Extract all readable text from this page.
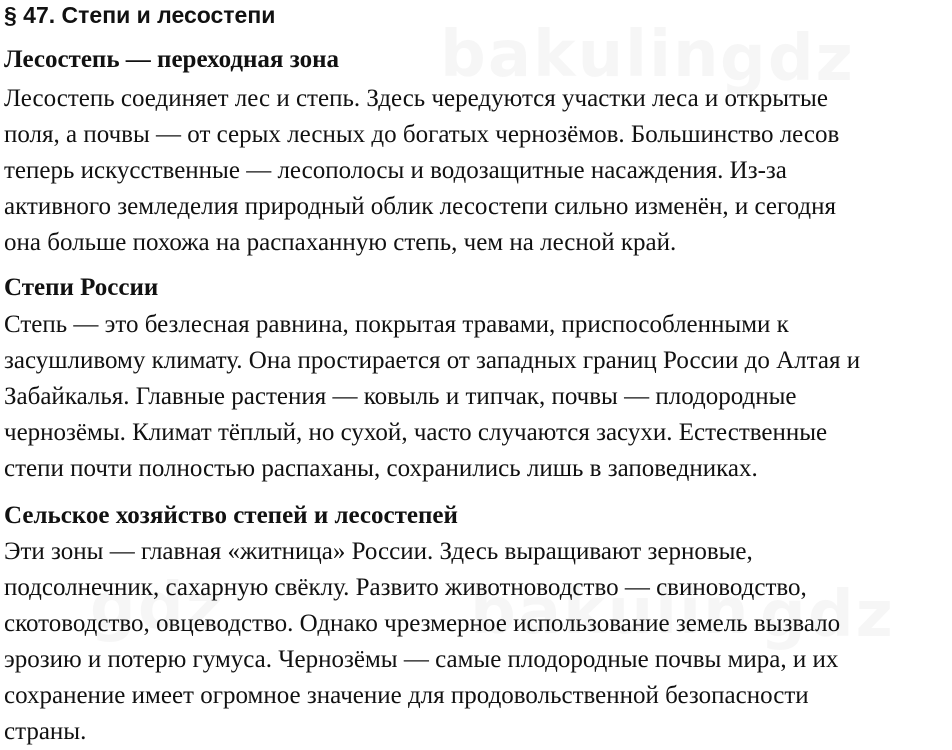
§ 47. Степи и лесостепи
Лесостепь — переходная зона

Лесостепь соединяет лес и степь. Здесь чередуются участки леса и открытые
поля, а почвы — от серых лесных до богатых чернозёмов. Большинство лесов
теперь искусственные — лесополосы и водозащитные насаждения. Из-за
активного земледелия природный облик лесостепи сильно изменён, и сегодня
она больше похожа на распаханную степь, чем на лесной край.

Степи России

Степь — это безлесная равнина, покрытая травами, приспособленными к
засушливому климату. Она простирается от западных границ России до Алтая и
Забайкалья. Главные растения — ковыль и типчак, почвы — плодородные
чернозёмы. Климат тёплый, но сухой, часто случаются засухи. Естественные
степи почти полностью распаханы, сохранились лишь в заповедниках.

Сельское хозяйство степей и лесостепей

Эти зоны — главная «житница» России. Здесь выращивают зерновые,
подсолнечник, сахарную свёклу. Развито животноводство — свиноводство,
скотоводство, овцеводство. Однако чрезмерное использование земель вызвало
эрозию и потерю гумуса. Чернозёмы — самые плодородные почвы мира, и их
сохранение имеет огромное значение для продовольственной безопасности
страны.
